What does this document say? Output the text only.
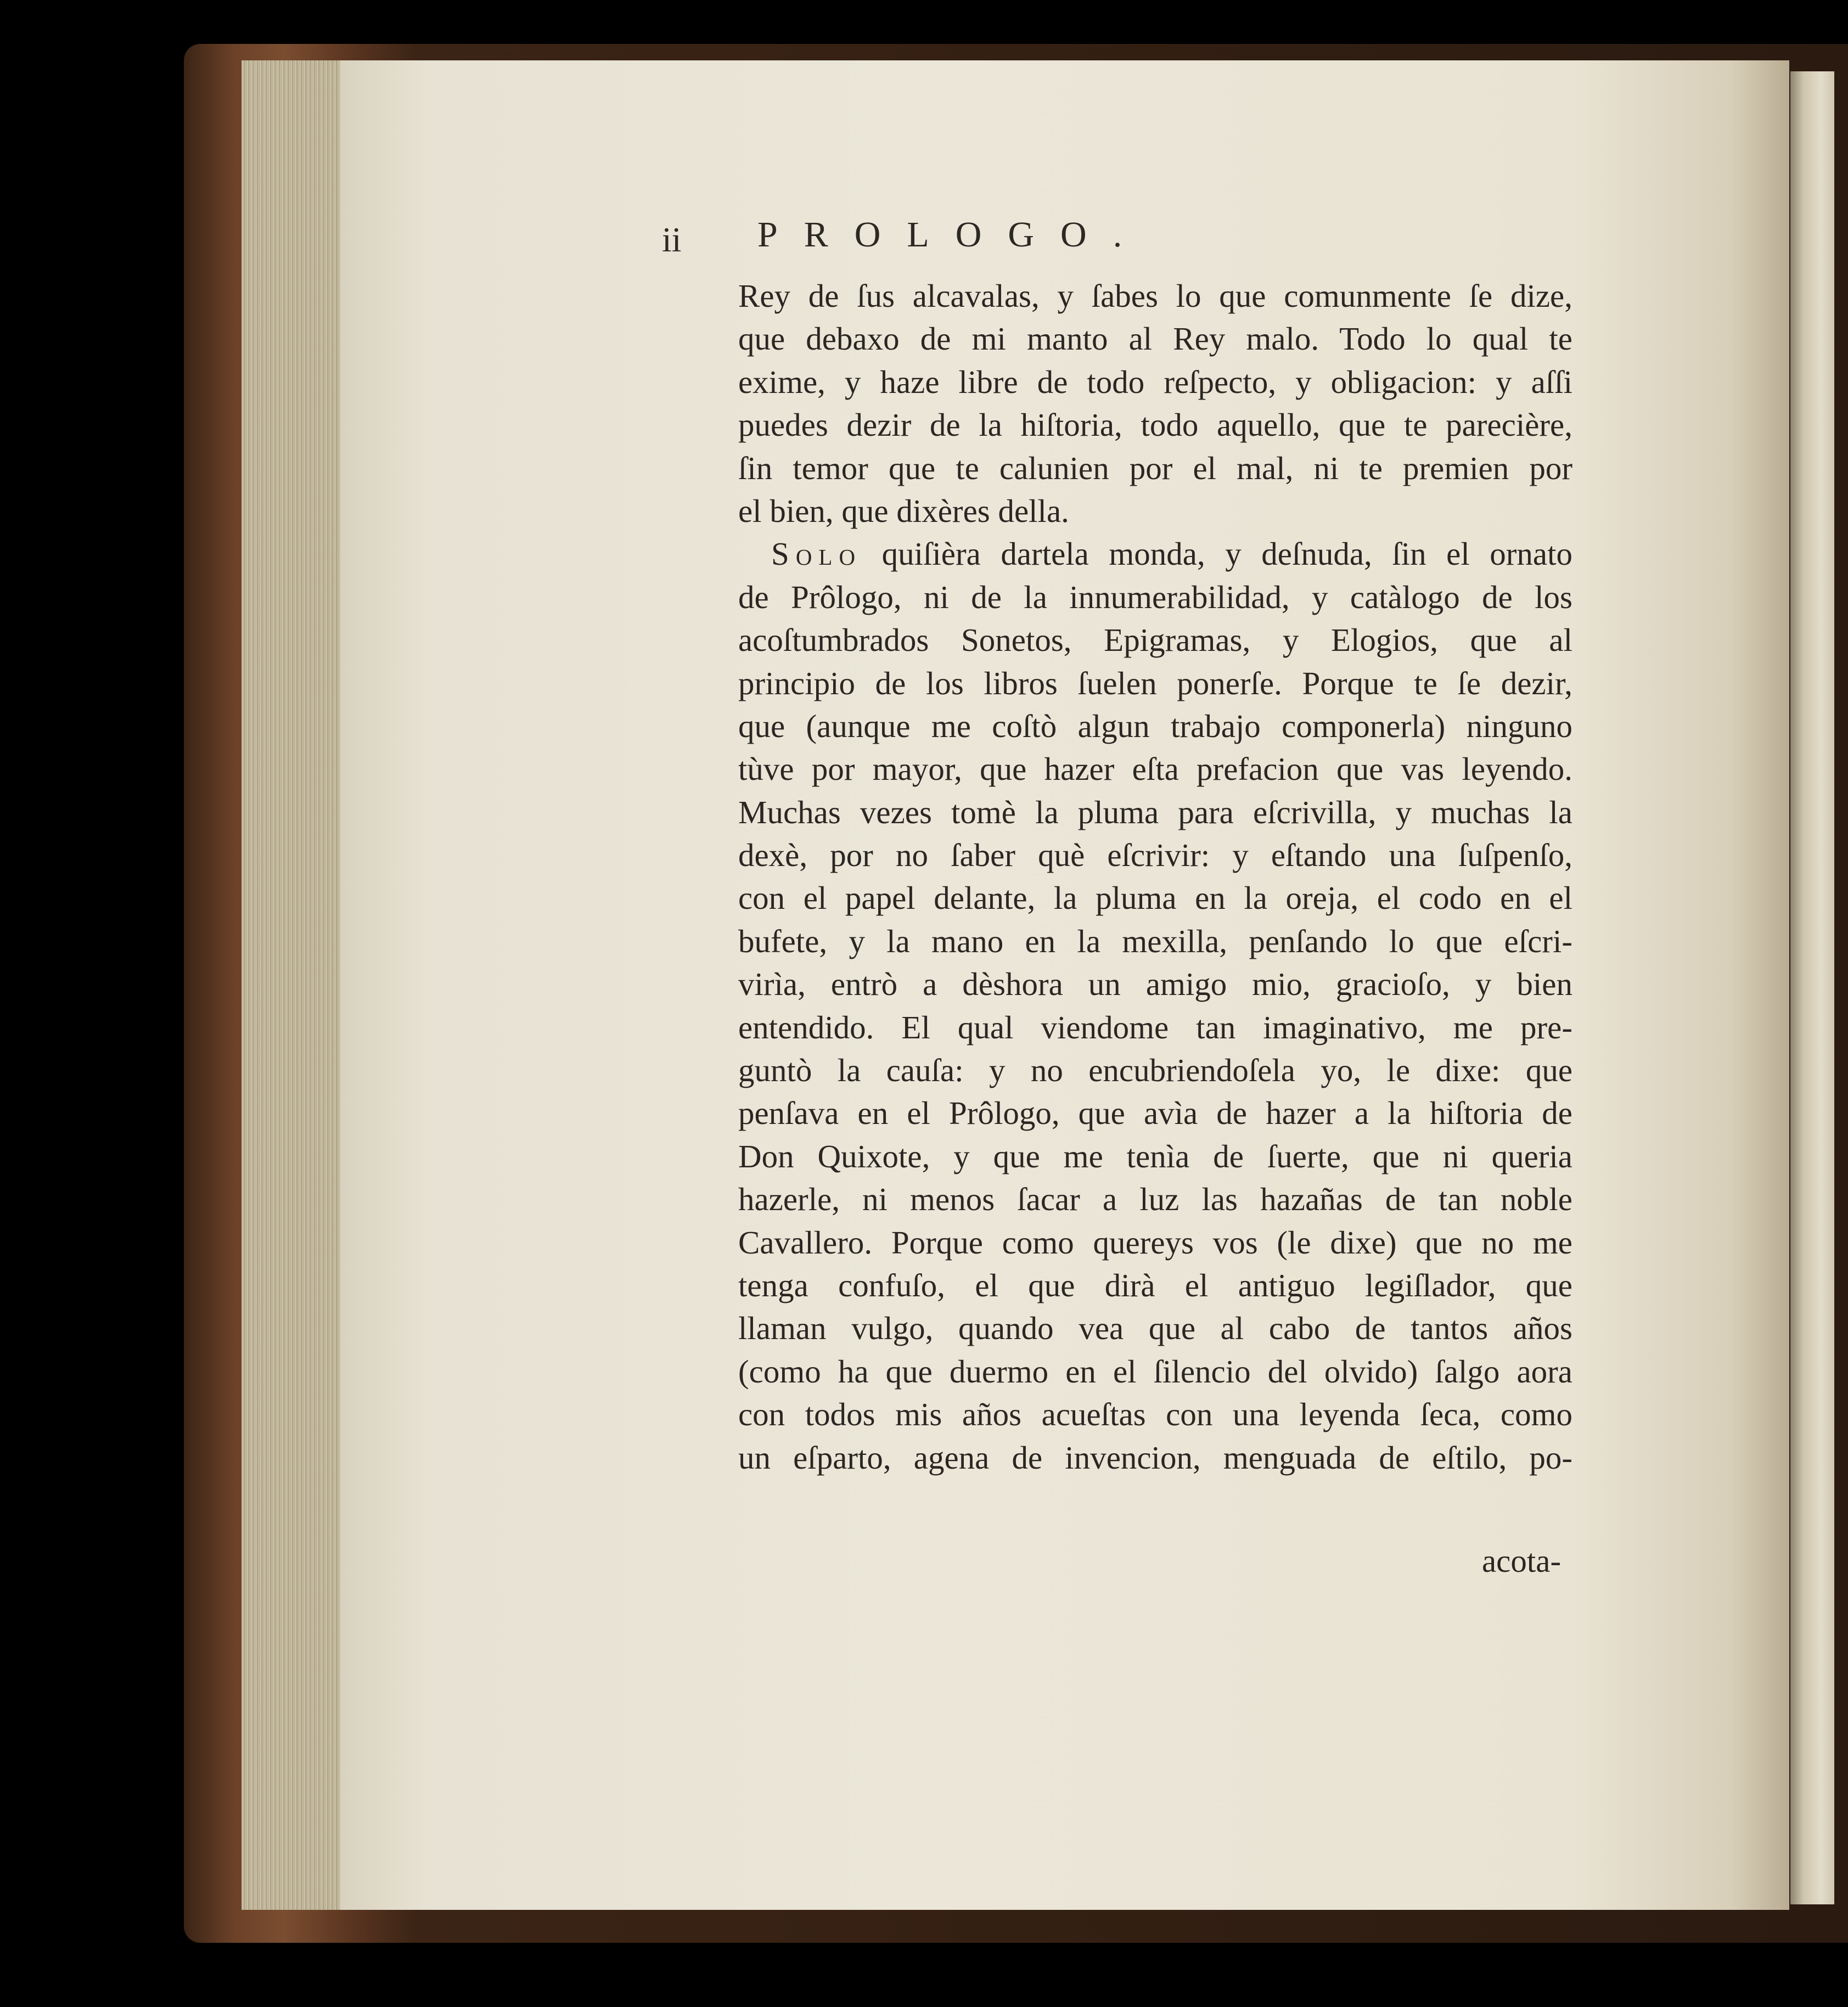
ii PROLOGO.
Rey de ſus alcavalas, y ſabes lo que comunmente ſe dize,
que debaxo de mi manto al Rey malo. Todo lo qual te
exime, y haze libre de todo reſpecto, y obligacion: y aſſi
puedes dezir de la hiſtoria, todo aquello, que te parecière,
ſin temor que te calunien por el mal, ni te premien por
el bien, que dixères della.
Solo quiſièra dartela monda, y deſnuda, ſin el ornato
de Prôlogo, ni de la innumerabilidad, y catàlogo de los
acoſtumbrados Sonetos, Epigramas, y Elogios, que al
principio de los libros ſuelen ponerſe. Porque te ſe dezir,
que (aunque me coſtò algun trabajo componerla) ninguno
tùve por mayor, que hazer eſta prefacion que vas leyendo.
Muchas vezes tomè la pluma para eſcrivilla, y muchas la
dexè, por no ſaber què eſcrivir: y eſtando una ſuſpenſo,
con el papel delante, la pluma en la oreja, el codo en el
bufete, y la mano en la mexilla, penſando lo que eſcri-
virìa, entrò a dèshora un amigo mio, gracioſo, y bien
entendido. El qual viendome tan imaginativo, me pre-
guntò la cauſa: y no encubriendoſela yo, le dixe: que
penſava en el Prôlogo, que avìa de hazer a la hiſtoria de
Don Quixote, y que me tenìa de ſuerte, que ni queria
hazerle, ni menos ſacar a luz las hazañas de tan noble
Cavallero. Porque como quereys vos (le dixe) que no me
tenga confuſo, el que dirà el antiguo legiſlador, que
llaman vulgo, quando vea que al cabo de tantos años
(como ha que duermo en el ſilencio del olvido) ſalgo aora
con todos mis años acueſtas con una leyenda ſeca, como
un eſparto, agena de invencion, menguada de eſtilo, po-
acota-
